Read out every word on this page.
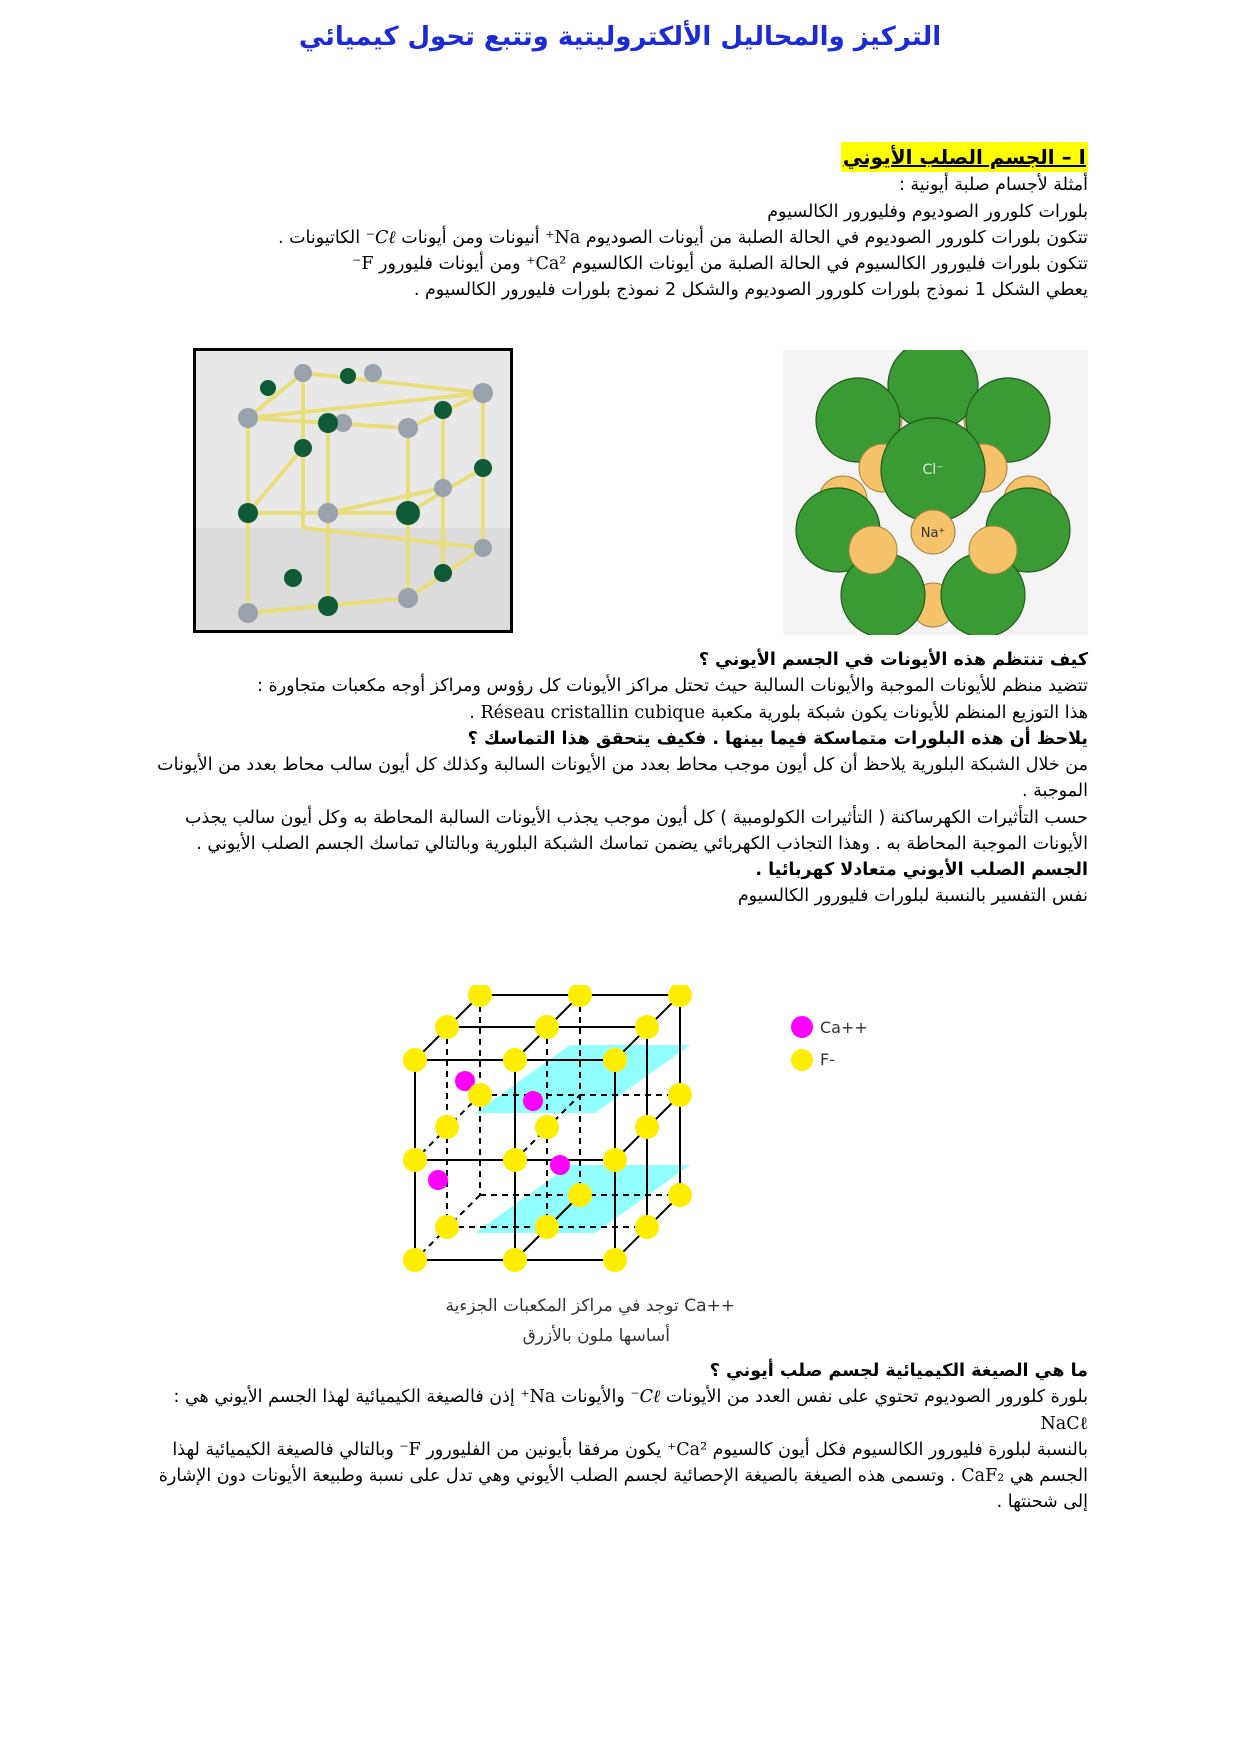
التركيز والمحاليل الألكتروليتية وتتبع تحول كيميائي
I – الجسم الصلب الأيوني
أمثلة لأجسام صلبة أيونية :
بلورات كلورور الصوديوم وفليورور الكالسيوم
تتكون بلورات كلورور الصوديوم في الحالة الصلبة من أيونات الصوديوم Na⁺ أنيونات ومن أيونات Cℓ⁻ الكاتيونات .
تتكون بلورات فليورور الكالسيوم في الحالة الصلبة من أيونات الكالسيوم Ca²⁺ ومن أيونات فليورور F⁻
يعطي الشكل 1 نموذج بلورات كلورور الصوديوم والشكل 2 نموذج بلورات فليورور الكالسيوم .
Cl⁻
Na⁺
كيف تنتظم هذه الأيونات في الجسم الأيوني ؟
تتضيد منظم للأيونات الموجبة والأيونات السالبة حيث تحتل مراكز الأيونات كل رؤوس ومراكز أوجه مكعبات متجاورة :
هذا التوزيع المنظم للأيونات يكون شبكة بلورية مكعبة Réseau cristallin cubique .
يلاحظ أن هذه البلورات متماسكة فيما بينها . فكيف يتحقق هذا التماسك ؟
من خلال الشبكة البلورية يلاحظ أن كل أيون موجب محاط بعدد من الأيونات السالبة وكذلك كل أيون سالب محاط بعدد من الأيونات الموجبة .
حسب التأثيرات الكهرساكنة ( التأثيرات الكولومبية ) كل أيون موجب يجذب الأيونات السالبة المحاطة به وكل أيون سالب يجذب الأيونات الموجبة المحاطة به . وهذا التجاذب الكهربائي يضمن تماسك الشبكة البلورية وبالتالي تماسك الجسم الصلب الأيوني .
الجسم الصلب الأيوني متعادلا كهربائيا .
نفس التفسير بالنسبة لبلورات فليورور الكالسيوم
Ca++
F-
++Ca توجد في مراكز المكعبات الجزءية
أساسها ملون بالأزرق
ما هي الصيغة الكيميائية لجسم صلب أيوني ؟
بلورة كلورور الصوديوم تحتوي على نفس العدد من الأيونات Cℓ⁻ والأيونات Na⁺ إذن فالصيغة الكيميائية لهذا الجسم الأيوني هي : NaCℓ
بالنسبة لبلورة فليورور الكالسيوم فكل أيون كالسيوم Ca²⁺ يكون مرفقا بأيونين من الفليورور F⁻ وبالتالي فالصيغة الكيميائية لهذا الجسم هي CaF₂ . وتسمى هذه الصيغة بالصيغة الإحصائية لجسم الصلب الأيوني وهي تدل على نسبة وطبيعة الأيونات دون الإشارة إلى شحنتها .
